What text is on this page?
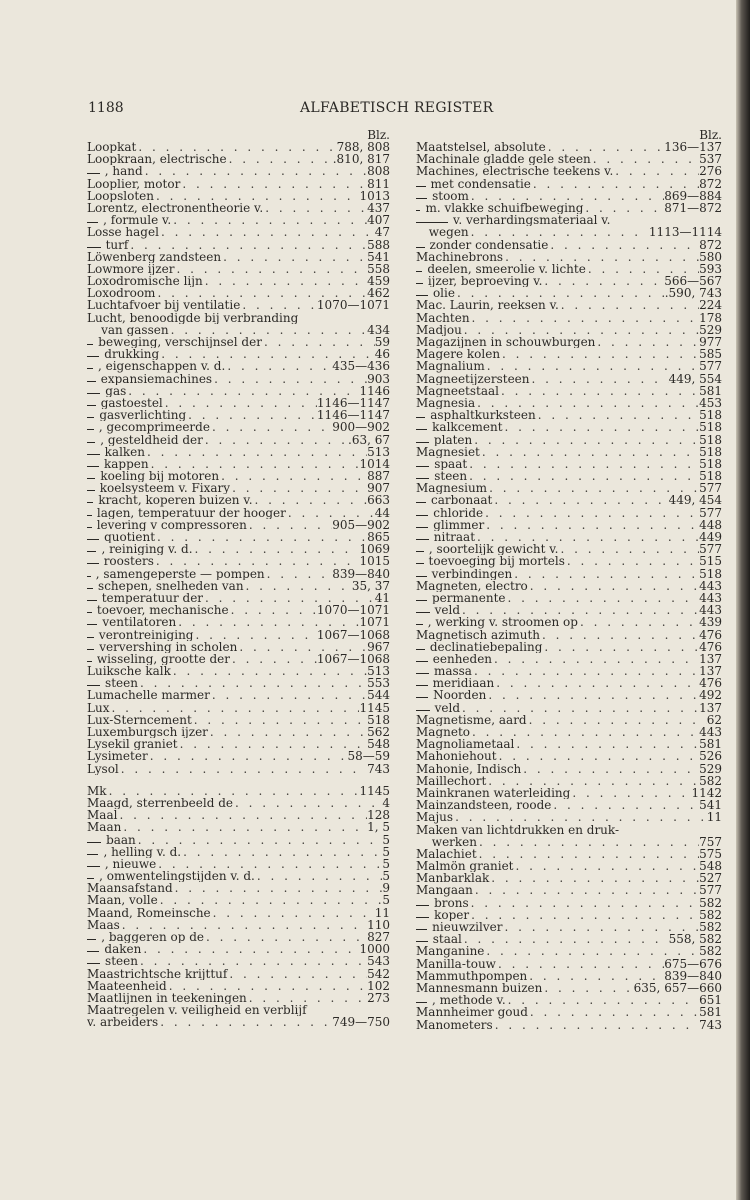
1188	ALFABETISCH REGISTER
Blz.
Loopkat . . .	788, 808
Loopkraan, electrische . . .	.810, 817
, hand . . .	808
Looplier, motor . . .	811
Loopsloten . . .	1013
Lorentz, electronentheorie v. . . .	437
, formule v. . . .	407
Losse hagel . . .	47
turf . . .	588
Löwenberg zandsteen . . .	541
Lowmore ijzer . . .	558
Loxodromische lijn . . .	459
Loxodroom . . .	462
Luchtafvoer bij ventilatie . . .	1070—1071
Lucht, benoodigde bij verbranding
van gassen . . .	434
beweging, verschijnsel der . . .	59
drukking . . .	46
, eigenschappen v. d. . . .	435—436
expansiemachines . . .	903
gas . . .	1146
gastoestel . . .	1146—1147
gasverlichting . . .	1146—1147
, gecomprimeerde . . .	900—902
, gesteldheid der . . .	.63, 67
kalken . . .	513
kappen . . .	1014
koeling bij motoren . . .	887
koelsysteem v. Fixary . . .	907
kracht, koperen buizen v. . . .	663
lagen, temperatuur der hooger . . .	44
levering v compressoren . . .	905—902
quotient . . .	865
, reiniging v. d. . . .	1069
roosters . . .	1015
, samengeperste — pompen . . .	839—840
schepen, snelheden van . . .	35, 37
temperatuur der . . .	41
toevoer, mechanische . . .	1070—1071
ventilatoren . . .	1071
verontreiniging . . .	1067—1068
ververshing in scholen . . .	967
wisseling, grootte der . . .	1067—1068
Luiksche kalk . . .	513
steen . . .	553
Lumachelle marmer . . .	544
Lux . . .	1145
Lux-Sterncement . . .	518
Luxemburgsch ijzer . . .	562
Lysekil graniet . . .	548
Lysimeter . . .	58—59
Lysol . . .	743
Mk . . .	1145
Maagd, sterrenbeeld de . . .	4
Maal . . .	128
Maan . . .	1, 5
baan . . .	5
, helling v. d. . . .	5
, nieuwe . . .	5
, omwentelingstijden v. d. . . .	5
Maansafstand . . .	9
Maan, volle . . .	5
Maand, Romeinsche . . .	11
Maas . . .	110
, baggeren op de . . .	827
daken . . .	1000
steen . . .	543
Maastrichtsche krijttuf . . .	542
Maateenheid . . .	102
Maatlijnen in teekeningen . . .	273
Maatregelen v. veiligheid en verblijf
v. arbeiders . . .	749—750
Blz.
Maatstelsel, absolute . . .	136—137
Machinale gladde gele steen . . .	537
Machines, electrische teekens v. . . .	276
met condensatie . . .	872
stoom . . .	869—884
m. vlakke schuifbeweging . . .	871—872
v. verhardingsmateriaal v.
wegen . . .	1113—1114
zonder condensatie . . .	872
Machinebrons . . .	580
deelen, smeerolie v. lichte . . .	593
ijzer, beproeving v. . . .	566—567
olie . . .	.590, 743
Mac. Laurin, reeksen v. . . .	224
Machten . . .	178
Madjou . . .	529
Magazijnen in schouwburgen . . .	977
Magere kolen . . .	585
Magnalium . . .	577
Magneetijzersteen . . .	449, 554
Magneetstaal . . .	581
Magnesia . . .	453
asphaltkurksteen . . .	518
kalkcement . . .	518
platen . . .	518
Magnesiet . . .	518
spaat . . .	518
steen . . .	518
Magnesium . . .	577
carbonaat . . .	449, 454
chloride . . .	577
glimmer . . .	448
nitraat . . .	449
, soortelijk gewicht v. . . .	577
toevoeging bij mortels . . .	515
verbindingen . . .	518
Magneten, electro . . .	443
permanente . . .	443
veld . . .	443
, werking v. stroomen op . . .	439
Magnetisch azimuth . . .	476
declinatiebepaling . . .	476
eenheden . . .	137
massa . . .	137
meridiaan . . .	476
Noorden . . .	492
veld . . .	137
Magnetisme, aard . . .	62
Magneto . . .	443
Magnoliametaal . . .	581
Mahoniehout . . .	526
Mahonie, Indisch . . .	529
Maillechort . . .	582
Mainkranen waterleiding . . .	1142
Mainzandsteen, roode . . .	541
Majus . . .	11
Maken van lichtdrukken en druk-
werken . . .	757
Malachiet . . .	575
Malmön graniet . . .	548
Manbarklak . . .	527
Mangaan . . .	577
brons . . .	582
koper . . .	582
nieuwzilver . . .	582
staal . . .	558, 582
Manganine . . .	582
Manilla-touw . . .	675—676
Mammuthpompen . . .	839—840
Mannesmann buizen . . .	635, 657—660
, methode v. . . .	651
Mannheimer goud . . .	581
Manometers . . .	743
